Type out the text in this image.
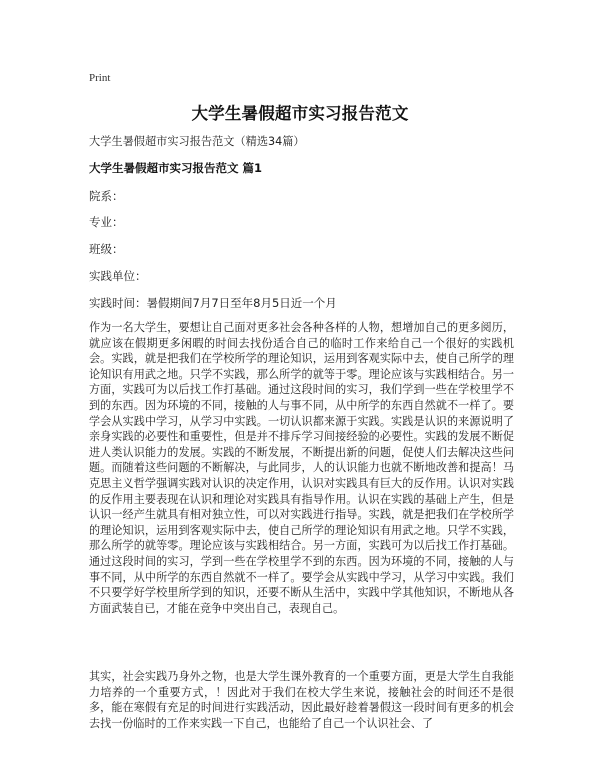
Print
大学生暑假超市实习报告范文
大学生暑假超市实习报告范文（精选34篇）
大学生暑假超市实习报告范文 篇1
院系：
专业：
班级：
实践单位：
实践时间：暑假期间7月7日至年8月5日近一个月

作为一名大学生，要想让自己面对更多社会各种各样的人物，想增加自己的更多阅历，就应该在假期更多闲暇的时间去找份适合自己的临时工作来给自己一个很好的实践机会。实践，就是把我们在学校所学的理论知识，运用到客观实际中去，使自己所学的理论知识有用武之地。只学不实践，那么所学的就等于零。理论应该与实践相结合。另一方面，实践可为以后找工作打基础。通过这段时间的实习，我们学到一些在学校里学不到的东西。因为环境的不同，接触的人与事不同，从中所学的东西自然就不一样了。要学会从实践中学习，从学习中实践。一切认识都来源于实践。实践是认识的来源说明了亲身实践的必要性和重要性，但是并不排斥学习间接经验的必要性。实践的发展不断促进人类认识能力的发展。实践的不断发展，不断提出新的问题，促使人们去解决这些问题。而随着这些问题的不断解决，与此同步，人的认识能力也就不断地改善和提高！马克思主义哲学强调实践对认识的决定作用，认识对实践具有巨大的反作用。认识对实践的反作用主要表现在认识和理论对实践具有指导作用。认识在实践的基础上产生，但是认识一经产生就具有相对独立性，可以对实践进行指导。实践，就是把我们在学校所学的理论知识，运用到客观实际中去，使自己所学的理论知识有用武之地。只学不实践，那么所学的就等零。理论应该与实践相结合。另一方面，实践可为以后找工作打基础。通过这段时间的实习，学到一些在学校里学不到的东西。因为环境的不同，接触的人与事不同，从中所学的东西自然就不一样了。要学会从实践中学习，从学习中实践。我们不只要学好学校里所学到的知识，还要不断从生活中，实践中学其他知识，不断地从各方面武装自已，才能在竞争中突出自己，表现自己。

其实，社会实践乃身外之物，也是大学生课外教育的一个重要方面，更是大学生自我能力培养的一个重要方式，！因此对于我们在校大学生来说，接触社会的时间还不是很多，能在寒假有充足的时间进行实践活动，因此最好趁着暑假这一段时间有更多的机会去找一份临时的工作来实践一下自己，也能给了自己一个认识社会、了
